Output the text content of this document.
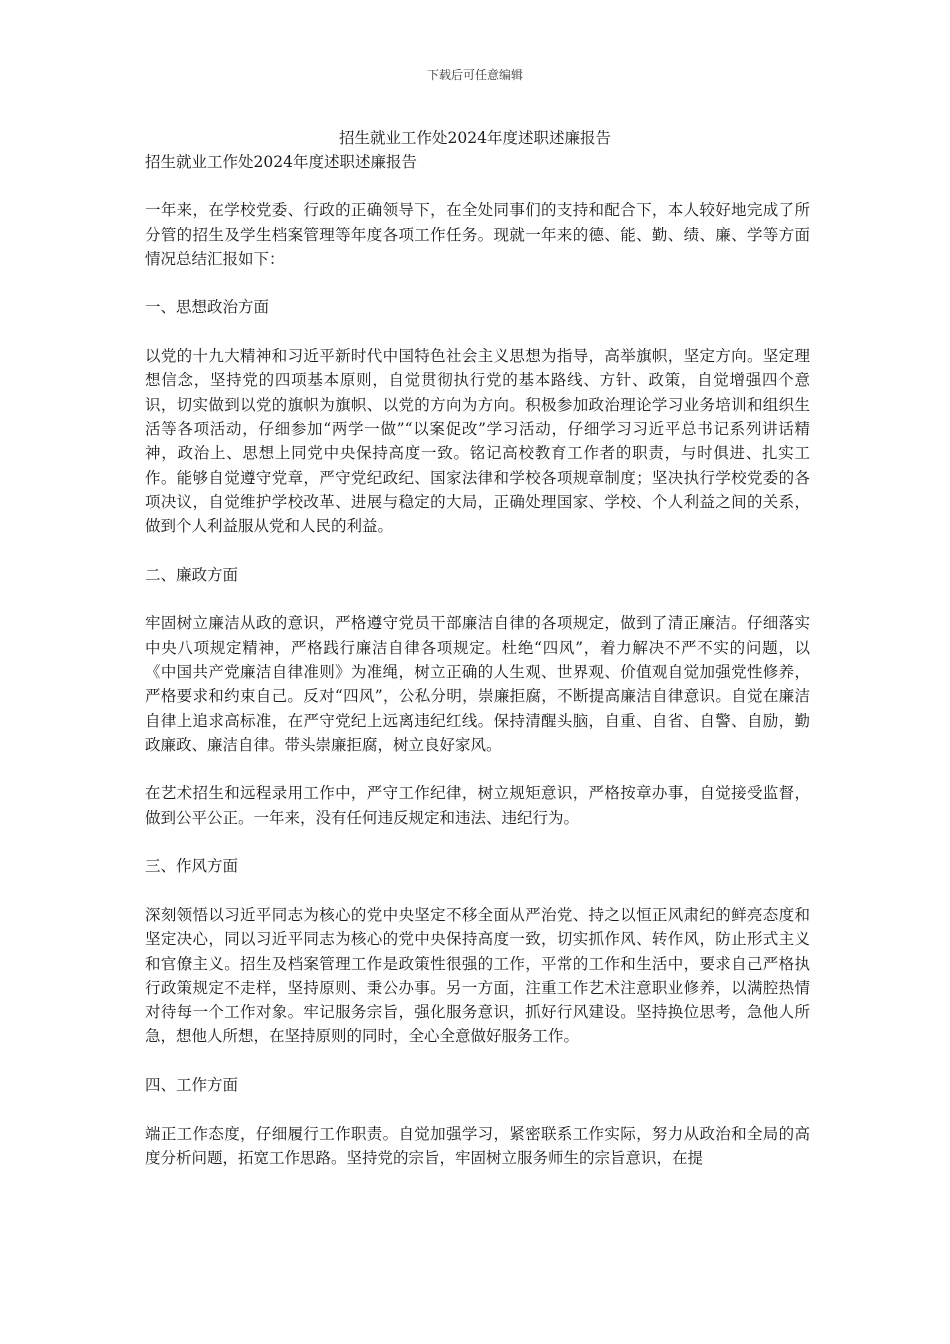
下载后可任意编辑
招生就业工作处2024年度述职述廉报告

招生就业工作处2024年度述职述廉报告

一年来，在学校党委、行政的正确领导下，在全处同事们的支持和配合下，本人较好地完成了所分管的招生及学生档案管理等年度各项工作任务。现就一年来的德、能、勤、绩、廉、学等方面情况总结汇报如下：

一、思想政治方面

以党的十九大精神和习近平新时代中国特色社会主义思想为指导，高举旗帜，坚定方向。坚定理想信念，坚持党的四项基本原则，自觉贯彻执行党的基本路线、方针、政策，自觉增强四个意识，切实做到以党的旗帜为旗帜、以党的方向为方向。积极参加政治理论学习业务培训和组织生活等各项活动，仔细参加“两学一做”“以案促改”学习活动，仔细学习习近平总书记系列讲话精神，政治上、思想上同党中央保持高度一致。铭记高校教育工作者的职责，与时俱进、扎实工作。能够自觉遵守党章，严守党纪政纪、国家法律和学校各项规章制度；坚决执行学校党委的各项决议，自觉维护学校改革、进展与稳定的大局，正确处理国家、学校、个人利益之间的关系，做到个人利益服从党和人民的利益。

二、廉政方面

牢固树立廉洁从政的意识，严格遵守党员干部廉洁自律的各项规定，做到了清正廉洁。仔细落实中央八项规定精神，严格践行廉洁自律各项规定。杜绝“四风”，着力解决不严不实的问题，以《中国共产党廉洁自律准则》为准绳，树立正确的人生观、世界观、价值观自觉加强党性修养，严格要求和约束自己。反对“四风”，公私分明，崇廉拒腐，不断提高廉洁自律意识。自觉在廉洁自律上追求高标准，在严守党纪上远离违纪红线。保持清醒头脑，自重、自省、自警、自励，勤政廉政、廉洁自律。带头崇廉拒腐，树立良好家风。

在艺术招生和远程录用工作中，严守工作纪律，树立规矩意识，严格按章办事，自觉接受监督，做到公平公正。一年来，没有任何违反规定和违法、违纪行为。

三、作风方面

深刻领悟以习近平同志为核心的党中央坚定不移全面从严治党、持之以恒正风肃纪的鲜亮态度和坚定决心，同以习近平同志为核心的党中央保持高度一致，切实抓作风、转作风，防止形式主义和官僚主义。招生及档案管理工作是政策性很强的工作，平常的工作和生活中，要求自己严格执行政策规定不走样，坚持原则、秉公办事。另一方面，注重工作艺术注意职业修养，以满腔热情对待每一个工作对象。牢记服务宗旨，强化服务意识，抓好行风建设。坚持换位思考，急他人所急，想他人所想，在坚持原则的同时，全心全意做好服务工作。

四、工作方面

端正工作态度，仔细履行工作职责。自觉加强学习，紧密联系工作实际，努力从政治和全局的高度分析问题，拓宽工作思路。坚持党的宗旨，牢固树立服务师生的宗旨意识，在提
